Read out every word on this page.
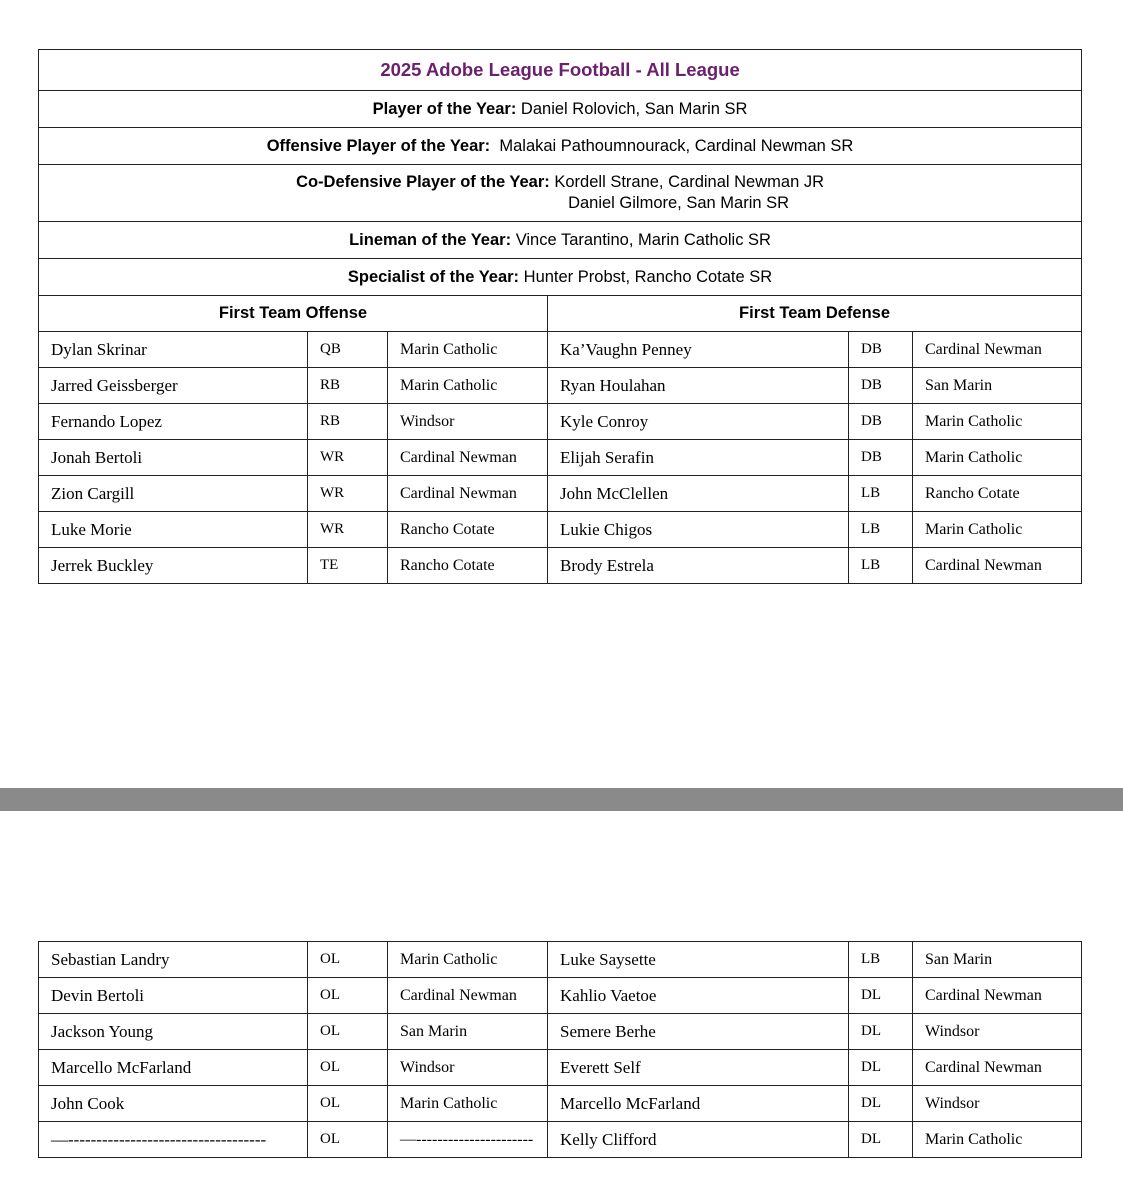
2025 Adobe League Football - All League					
Player of the Year: Daniel Rolovich, San Marin SR					
Offensive Player of the Year: Malakai Pathoumnourack, Cardinal Newman SR					

Co-Defensive Player of the Year: Kordell Strane, Cardinal Newman JR
Daniel Gilmore, San Marin SR					

Lineman of the Year: Vince Tarantino, Marin Catholic SR					
Specialist of the Year: Hunter Probst, Rancho Cotate SR					
First Team Offense			First Team Defense		
Dylan Skrinar	QB	Marin Catholic	Ka’Vaughn Penney	DB	Cardinal Newman
Jarred Geissberger	RB	Marin Catholic	Ryan Houlahan	DB	San Marin
Fernando Lopez	RB	Windsor	Kyle Conroy	DB	Marin Catholic
Jonah Bertoli	WR	Cardinal Newman	Elijah Serafin	DB	Marin Catholic
Zion Cargill	WR	Cardinal Newman	John McClellen	LB	Rancho Cotate
Luke Morie	WR	Rancho Cotate	Lukie Chigos	LB	Marin Catholic
Jerrek Buckley	TE	Rancho Cotate	Brody Estrela	LB	Cardinal Newman
Sebastian Landry	OL	Marin Catholic	Luke Saysette	LB	San Marin
Devin Bertoli	OL	Cardinal Newman	Kahlio Vaetoe	DL	Cardinal Newman
Jackson Young	OL	San Marin	Semere Berhe	DL	Windsor
Marcello McFarland	OL	Windsor	Everett Self	DL	Cardinal Newman
John Cook	OL	Marin Catholic	Marcello McFarland	DL	Windsor
—-----------------------------------	OL	—----------------------	Kelly Clifford	DL	Marin Catholic
